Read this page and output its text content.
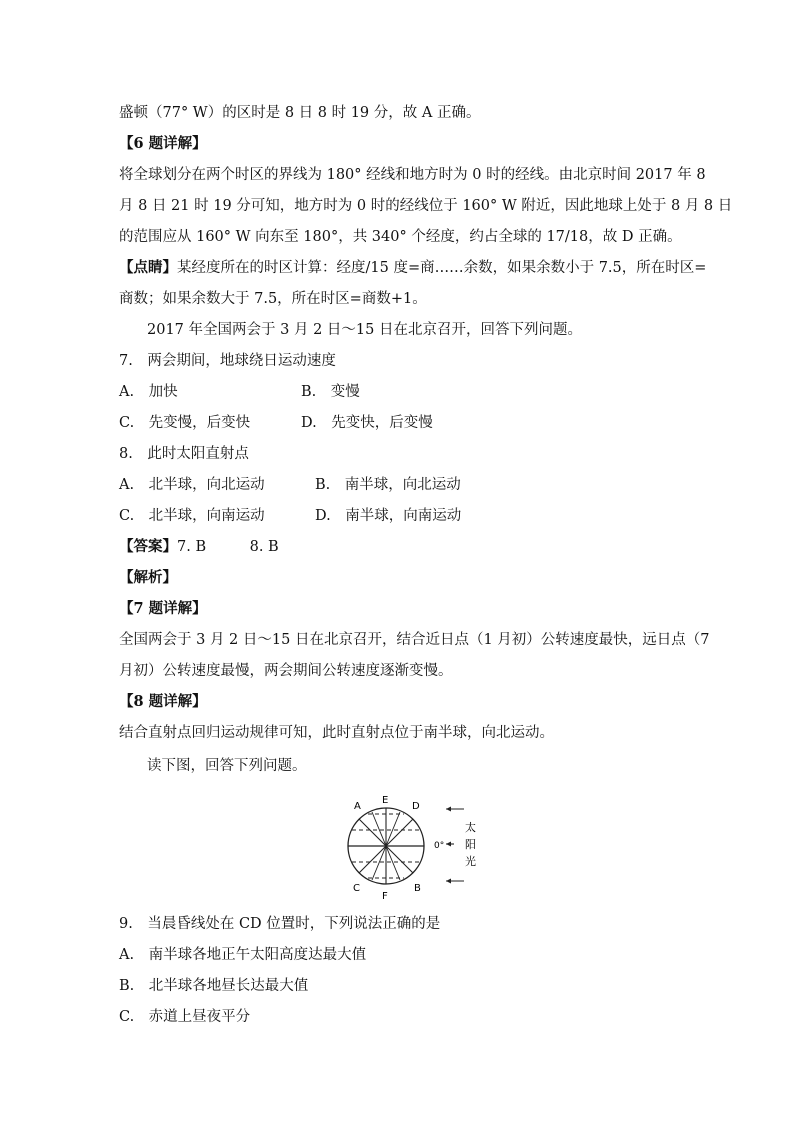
盛顿（77° W）的区时是 8 日 8 时 19 分，故 A 正确。
【6 题详解】
将全球划分在两个时区的界线为 180° 经线和地方时为 0 时的经线。由北京时间 2017 年 8
月 8 日 21 时 19 分可知，地方时为 0 时的经线位于 160° W 附近，因此地球上处于 8 月 8 日
的范围应从 160° W 向东至 180°，共 340° 个经度，约占全球的 17/18，故 D 正确。
【点睛】某经度所在的时区计算：经度/15 度=商……余数，如果余数小于 7.5，所在时区=
商数；如果余数大于 7.5，所在时区=商数+1。
2017 年全国两会于 3 月 2 日～15 日在北京召开，回答下列问题。
7.　两会期间，地球绕日运动速度
A.　加快	B.　变慢
C.　先变慢，后变快	D.　先变快，后变慢
8.　此时太阳直射点
A.　北半球，向北运动	B.　南半球，向北运动
C.　北半球，向南运动	D.　南半球，向南运动
【答案】7. B　　　8. B
【解析】
【7 题详解】
全国两会于 3 月 2 日～15 日在北京召开，结合近日点（1 月初）公转速度最快，远日点（7
月初）公转速度最慢，两会期间公转速度逐渐变慢。
【8 题详解】
结合直射点回归运动规律可知，此时直射点位于南半球，向北运动。
读下图，回答下列问题。
A
E
D
C
F
B
0°
太
阳
光
9.　当晨昏线处在 CD 位置时，下列说法正确的是
A.　南半球各地正午太阳高度达最大值
B.　北半球各地昼长达最大值
C.　赤道上昼夜平分
